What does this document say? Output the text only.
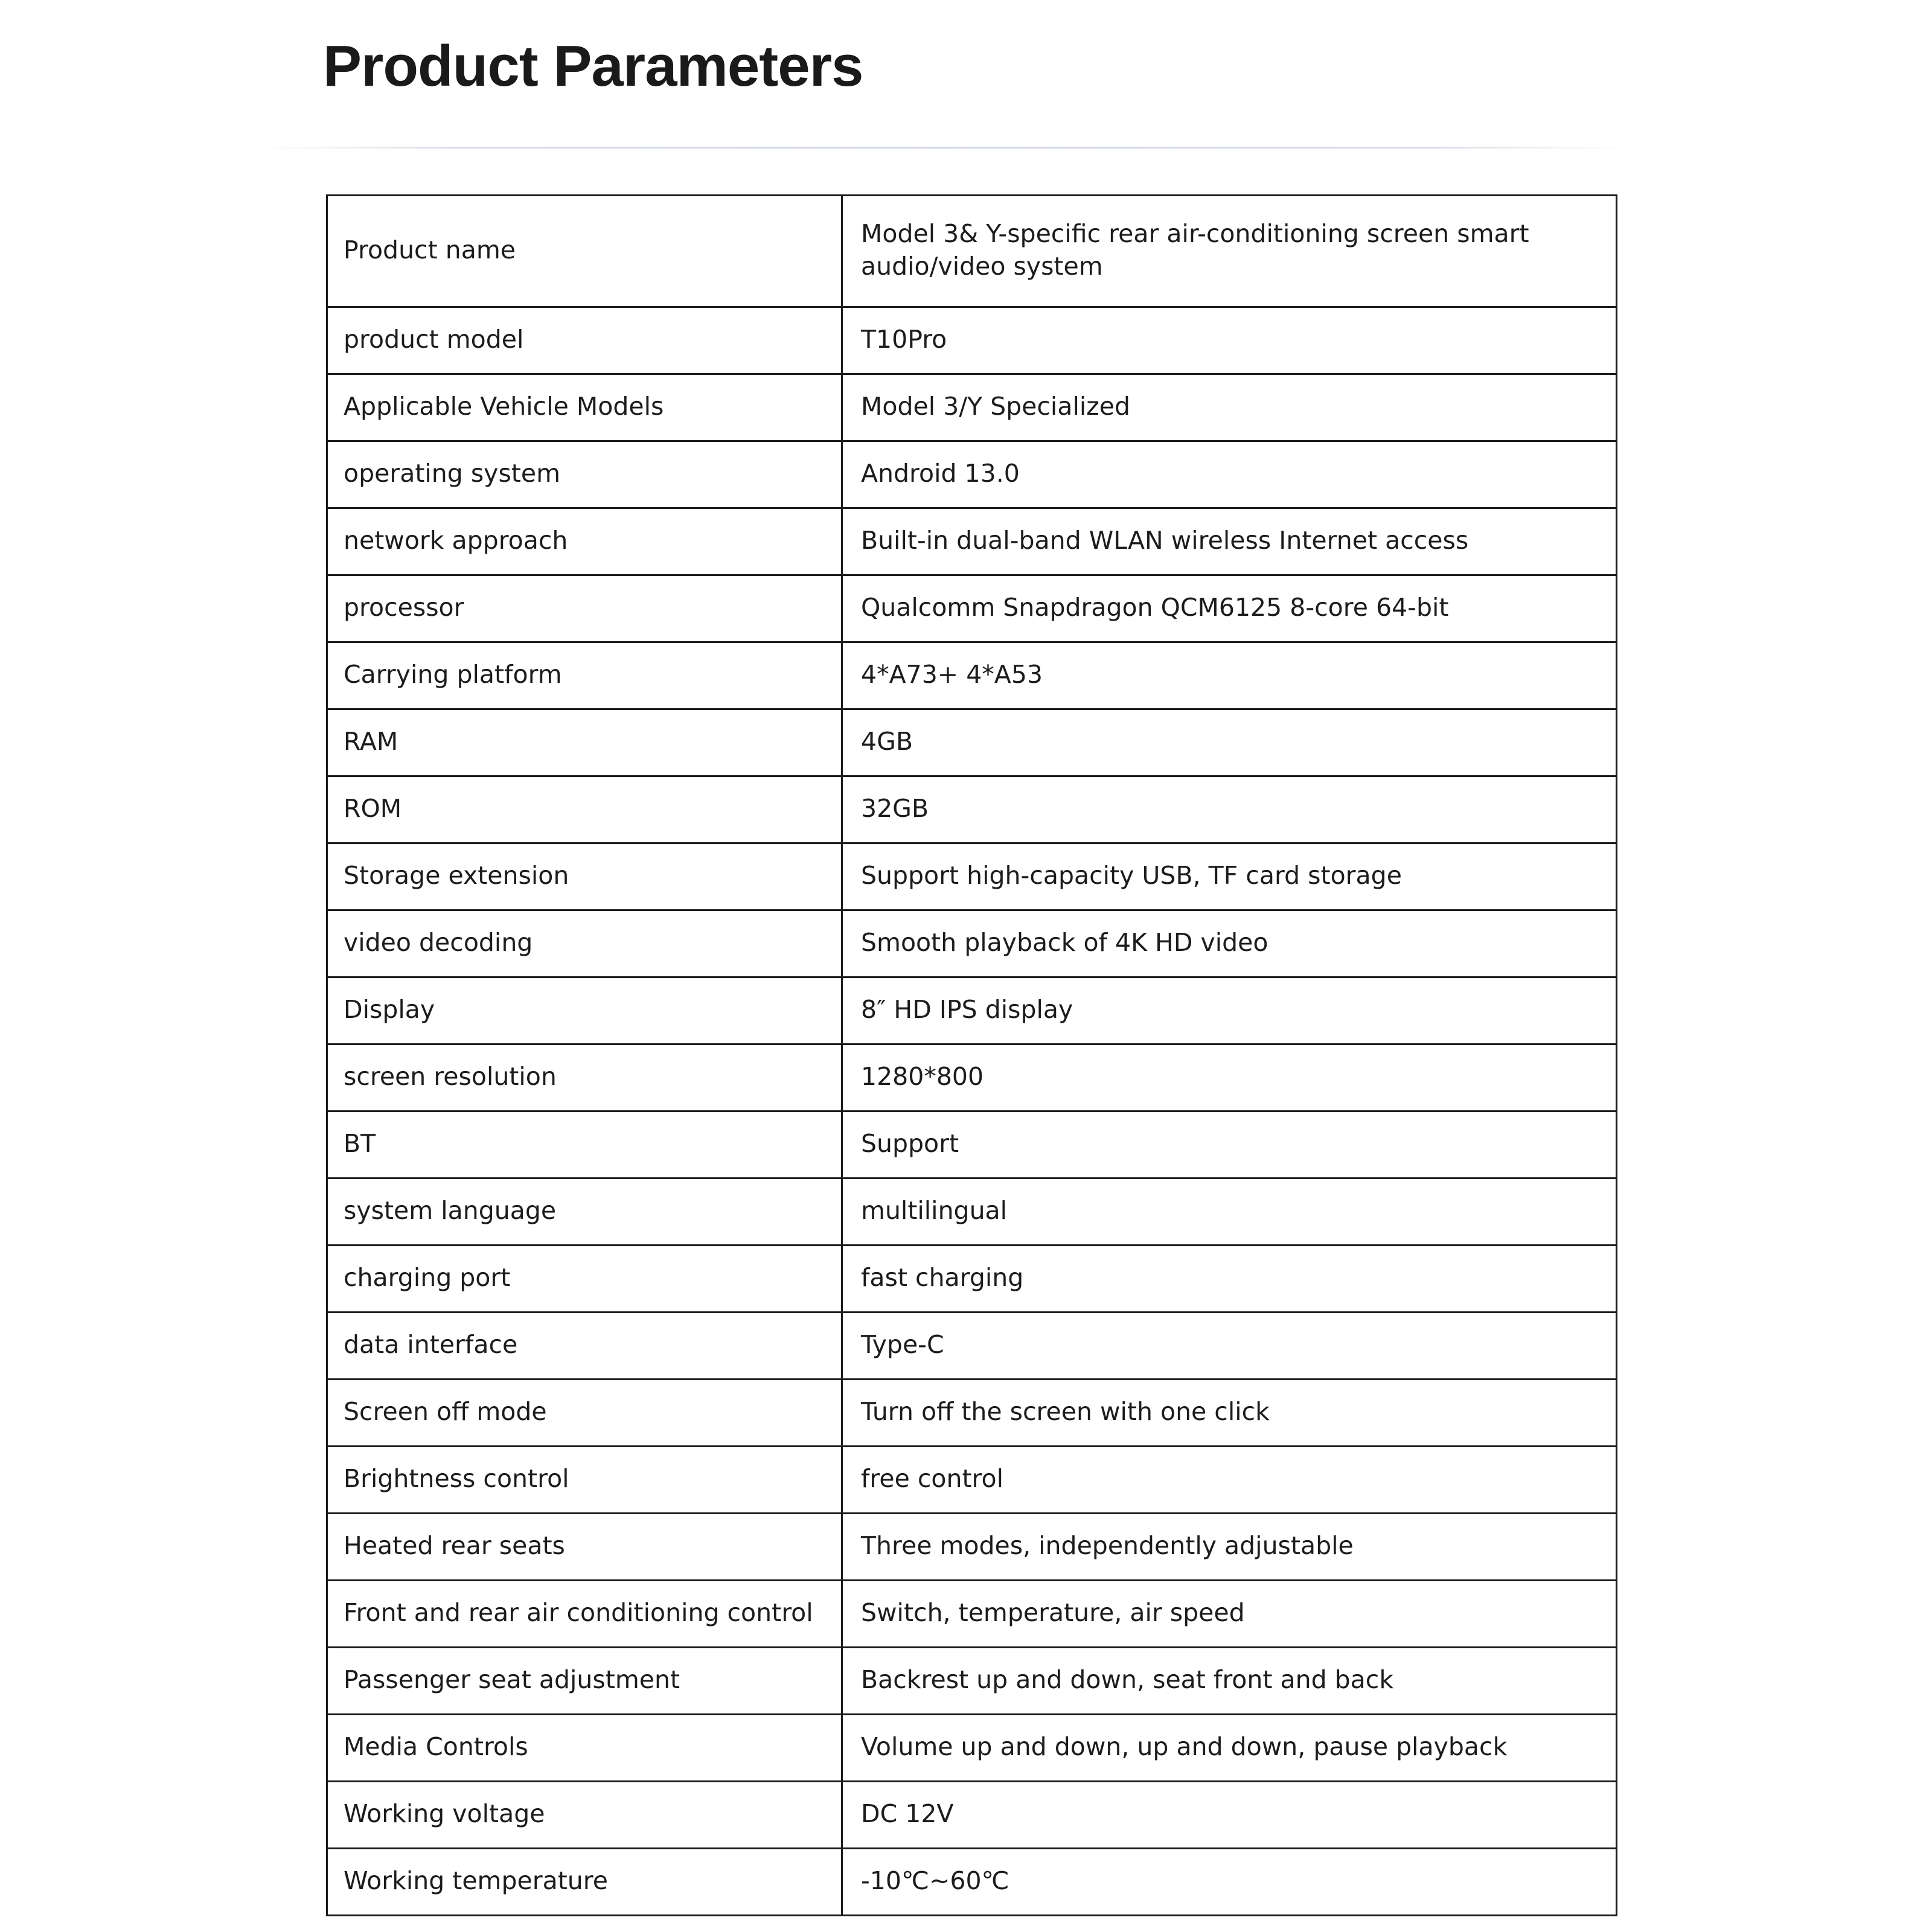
Product Parameters
Product name	Model 3& Y-specific rear air-conditioning screen smart audio/video system
product model	T10Pro
Applicable Vehicle Models	Model 3/Y Specialized
operating system	Android 13.0
network approach	Built-in dual-band WLAN wireless Internet access
processor	Qualcomm Snapdragon QCM6125 8-core 64-bit
Carrying platform	4*A73+ 4*A53
RAM	4GB
ROM	32GB
Storage extension	Support high-capacity USB, TF card storage
video decoding	Smooth playback of 4K HD video
Display	8″ HD IPS display
screen resolution	1280*800
BT	Support
system language	multilingual
charging port	fast charging
data interface	Type-C
Screen off mode	Turn off the screen with one click
Brightness control	free control
Heated rear seats	Three modes, independently adjustable
Front and rear air conditioning control	Switch, temperature, air speed
Passenger seat adjustment	Backrest up and down, seat front and back
Media Controls	Volume up and down, up and down, pause playback
Working voltage	DC 12V
Working temperature	-10℃~60℃
